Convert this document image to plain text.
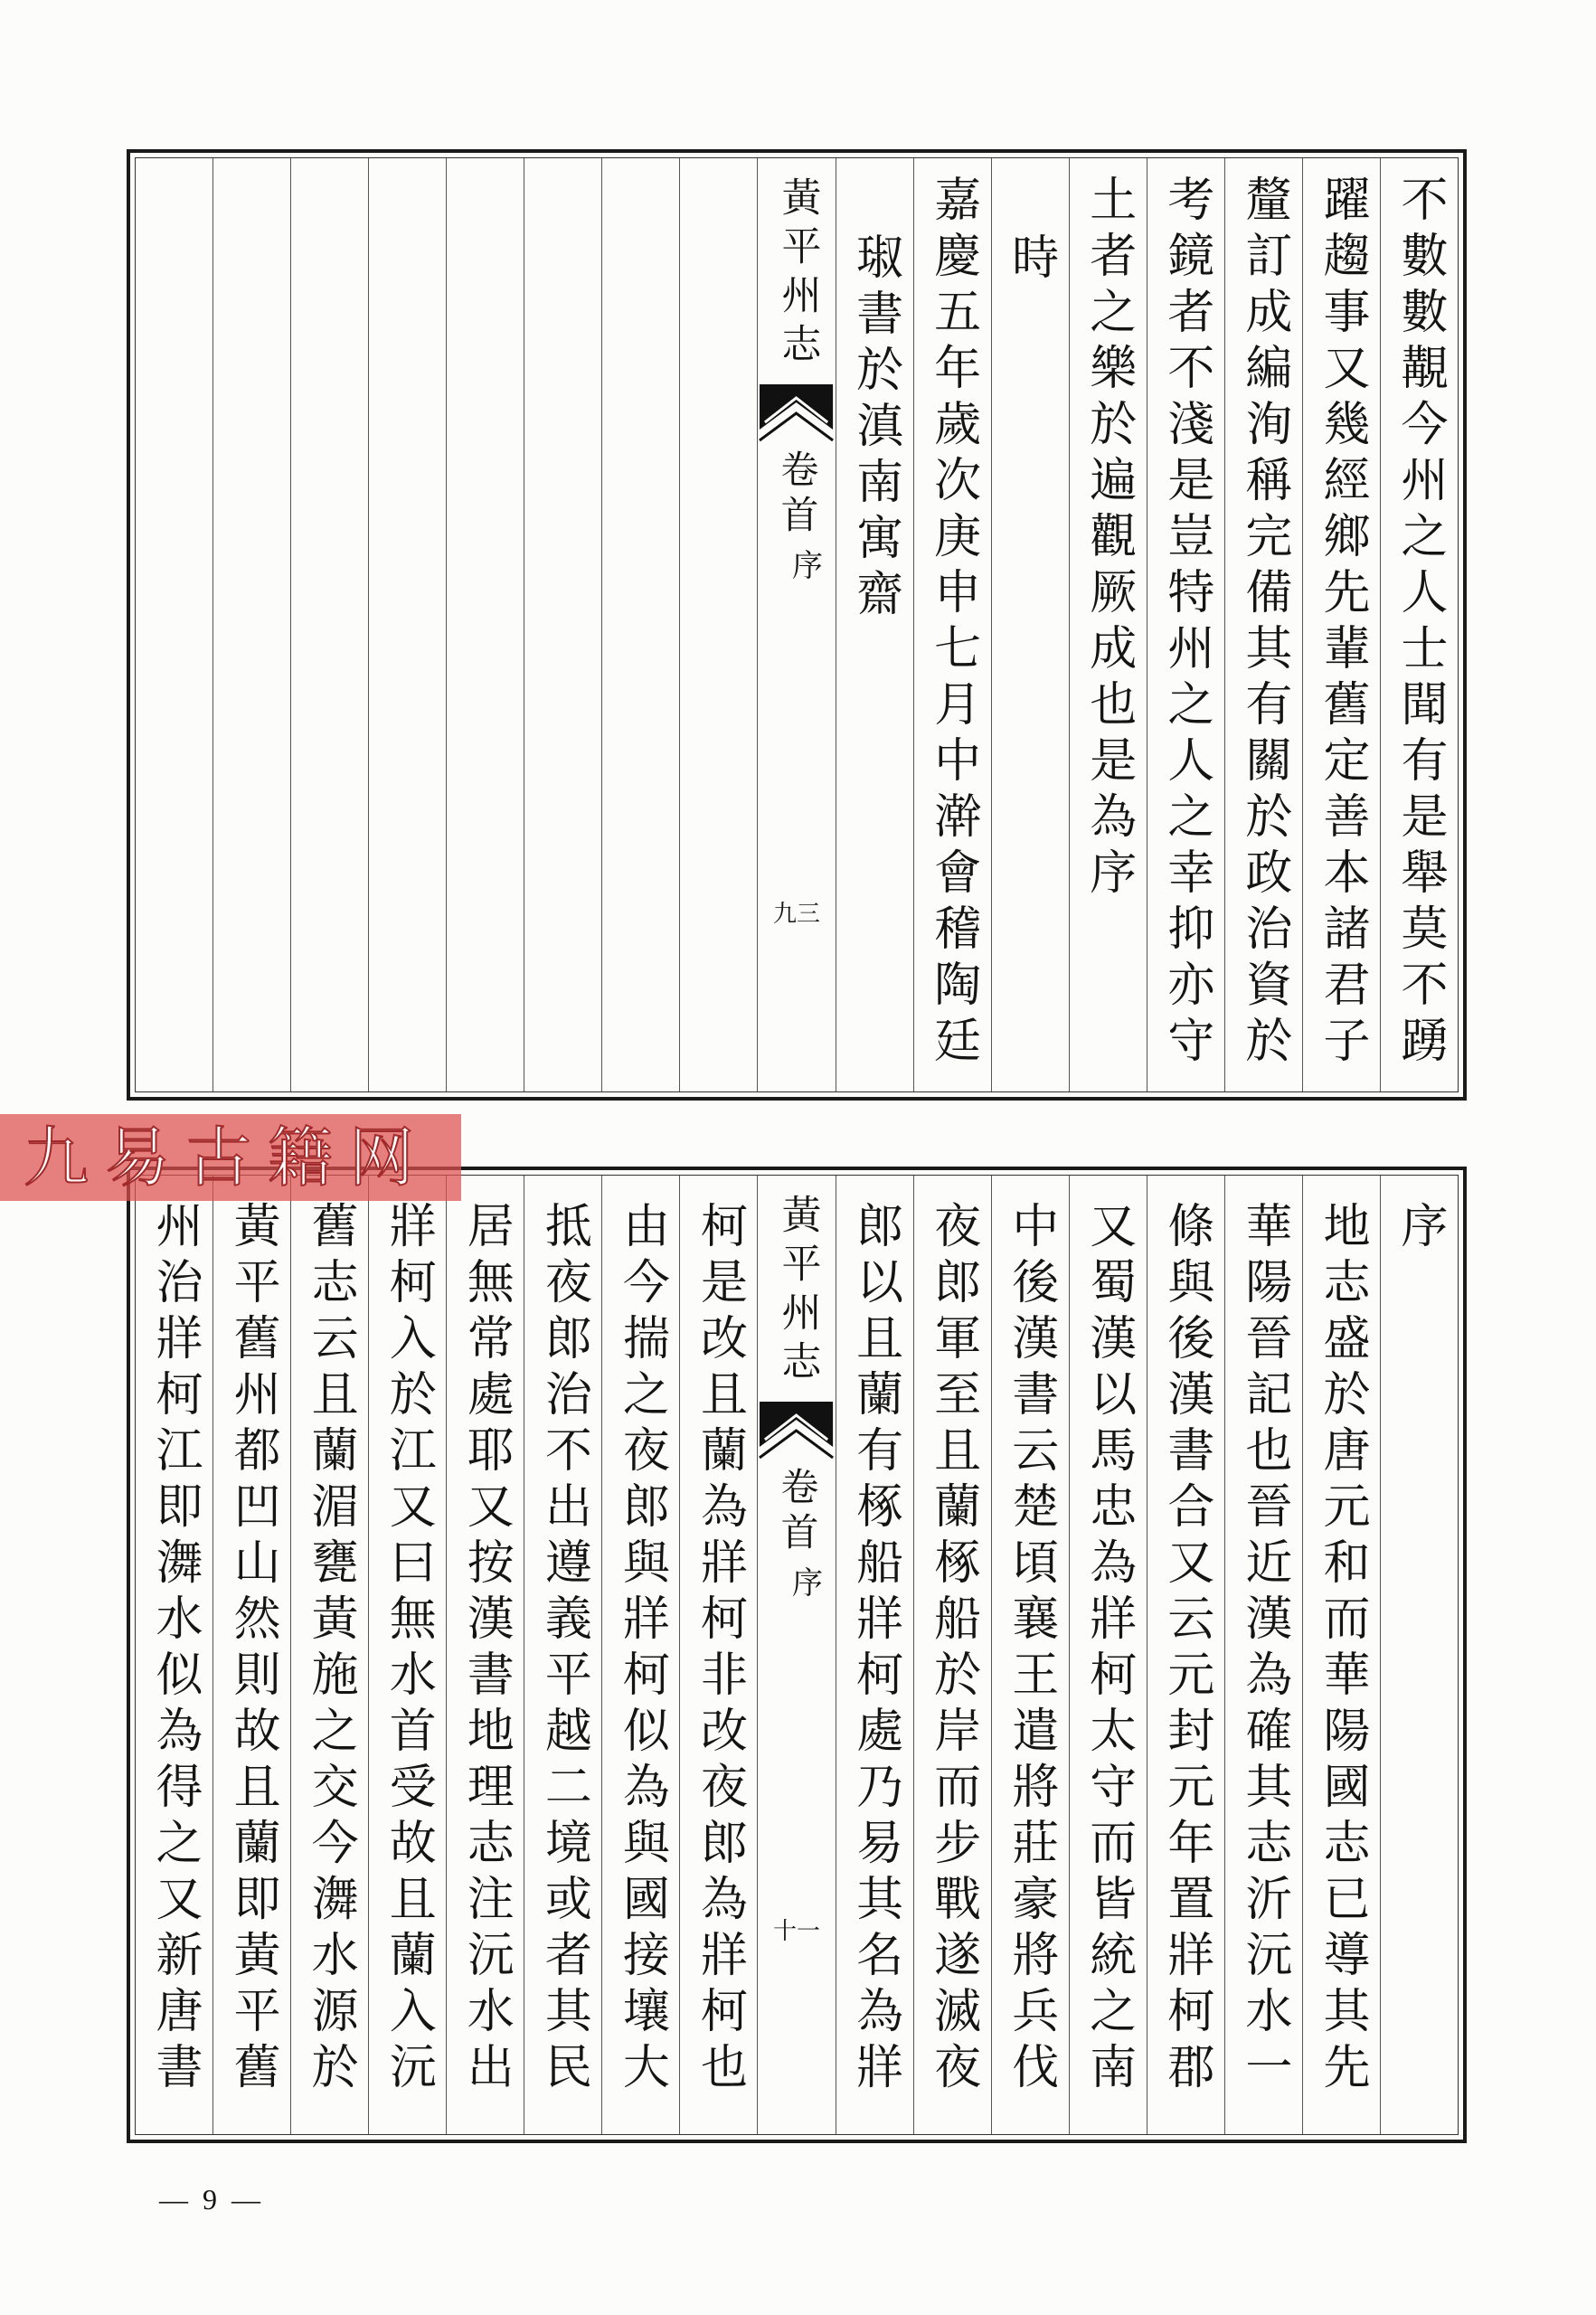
不數數覯今州之人士聞有是舉莫不踴
躍趨事又幾經鄉先輩舊定善本諸君子
釐訂成編洵稱完備其有關於政治資於
考鏡者不淺是豈特州之人之幸抑亦守
土者之樂於遍觀厥成也是為序
時
嘉慶五年歲次庚申七月中澣會稽陶廷
琡書於滇南寓齋
黃平州志
卷首
序
九三
九易古籍网
序
地志盛於唐元和而華陽國志已導其先
華陽晉記也晉近漢為確其志沂沅水一
條與後漢書合又云元封元年置牂柯郡
又蜀漢以馬忠為牂柯太守而皆統之南
中後漢書云楚頃襄王遣將莊豪將兵伐
夜郎軍至且蘭椓船於岸而步戰遂滅夜
郎以且蘭有椓船牂柯處乃易其名為牂
黃平州志
卷首
序
十一
柯是改且蘭為牂柯非改夜郎為牂柯也
由今揣之夜郎與牂柯似為與國接壤大
抵夜郎治不出遵義平越二境或者其民
居無常處耶又按漢書地理志注沅水出
牂柯入於江又曰無水首受故且蘭入沅
舊志云且蘭湄甕黃施之交今㵲水源於
黃平舊州都凹山然則故且蘭即黃平舊
州治牂柯江即㵲水似為得之又新唐書
— 9 —
